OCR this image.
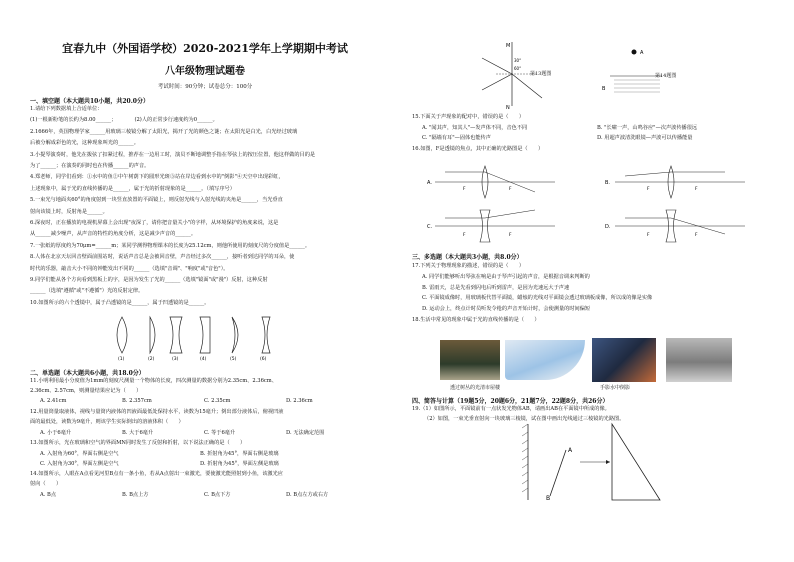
宜春九中（外国语学校）2020-2021学年上学期期中考试
八年级物理试题卷
考试时间：90分钟；试卷总分：100分
一、填空题（本大题共10小题，共20.0分）
1.请给下列数据填上合适单位：
(1)一根新粉笔的长约为8.00______；　　　　(2)人的正常步行速度约为0______。
2.1666年，英国物理学家______用玻璃三棱镜分解了太阳光，揭开了光的颜色之谜；在太阳光是白光，白光经过玻璃
后被分解成彩色的光，这种现象叫光的______。
3.小提琴演奏时，他先在拨弦了扣紧过程，推荐在一边用工时，演员不断地调整手指在琴弦上的按压位置，他这样做的目的是
为了______；在演奏的同时也在传播______的声音。
4.郑老师，同学们看到：①水中的鱼②中午树荫下的圆形光斑③站在岸边看到水中的"倒影"④天空中出现彩虹，
上述现象中，属于光的直线传播的是______，属于光的折射现象的是______。（填写序号）
5.一束光与地面夹60°的角度射到一块竖直放置的平面镜上，则反射光线与入射光线的夹角是______，当光垂直
射向该镜上时，反射角是______。
6.深夜时，正在播放的电视机屏幕上会出现"夜深了，请你把音量关小"的字样，从环境保护的角度来说，这是
从______减少噪声，从声音的特性的角度分析，这是减少声音的______。
7.一张纸的厚度约为70μm=______m；某同学测得物理课本的长度为25.12cm，则他所使用的刻度尺的分度值是______。
8.人体在北京天坛回音壁面前围站时，说话声音总是会被回音壁，声音经过多次______，接听者到达同学的耳朵，使
时代的乐器，敲击大小不同的钟能发出不同的______（选填"音调"、"响度"或"音色"）。
9.同学们能从各个方向看到黑板上的字，是因为发生了光的______（选填"镜面"或"漫"）反射，这种反射
______（选填"遵循"或"不遵循"）光的反射定律。
10.如图所示的六个透镜中，属于凸透镜的是______，属于凹透镜的是______。
(1)	(2)	(3)	(4)	(5)	(6)
二、单选题（本大题共6小题，共18.0分）
11.小明利用最小分度值为1mm的刻度尺测量一个物体的长度，四次测量的数据分别为2.35cm、2.36cm、
2.36cm、2.57cm，则测量结果应记为（　　）
A. 2.41cm	B. 2.357cm	C. 2.35cm	D. 2.36cm
12.用量筒量取液体，视线与量筒内液体的凹液面最低处保持水平，读数为15毫升；倒出部分液体后，俯视凹液
面的最低处，读数为9毫升，则该学生实际倒出的溶液体积（　　）
A. 小于6毫升	B. 大于6毫升	C. 等于6毫升	D. 无法确定范围
13.如图所示，光在玻璃和空气的界面MN同时发生了反射和折射，以下说法正确的是（　　）
A. 入射角为60°，界面右侧是空气	B. 折射角为45°，界面右侧是玻璃
C. 入射角为30°，界面左侧是空气	D. 折射角为45°，界面左侧是玻璃
14.如图所示，人眼在A点看见河里B点有一条小鱼，若从A点射出一束激光，要使激光能照射到小鱼，该激光应
射向（　　）
A. B点	B. B点上方	C. B点下方	D. B点左方或右方
M
N
30°
60°
第13题图
A
B
第14题图
15.下面关于声现象的配对中，错误的是（　　）
A. "闻其声，知其人"—发声体不同，音色不同	B. "长啸一声，山鸣谷应"—次声波传播很远
C. "隔墙有耳"—固体也能传声	D. 用超声波清洗眼镜—声波可以传播能量
16.如图，F是透镜的焦点，其中正确的光路图是（　　）
三、多选题（本大题共3小题，共8.0分）
17.下列关于物理现象的描述，错误的是（　　）
A. 同学们能够听出琴弦在响是由于琴声引起的声音，是根据音调来判断的
B. 雷雨天，总是先看到闪电后听到雷声，是因为光速远大于声速
C. 平面镜成像时，用玻璃板代替平面镜，蜡烛的光线对平面镜会透过玻璃板成像，所以成的像是实像
D. 运动会上，终点计时员听发令枪的声音开始计时，会使测量的时间偏短
18.生活中常见的现象中属于光的直线传播的是（　　）
四、简答与计算（19题5分，20题6分，21题7分，22题8分，共26分）
19.（1）如图所示，平面镜前有一点状发光物体AB，请画出AB在平面镜中所成的像。
（2）如图，一束光垂直射向一块玻璃三棱镜，试在图中画出光线通过三棱镜的光路图。
A.
F	F
B.
F	F
C.
F	F
D.
F	F
透过树丛的光清市屋楼	手影水中倒影
A
B
